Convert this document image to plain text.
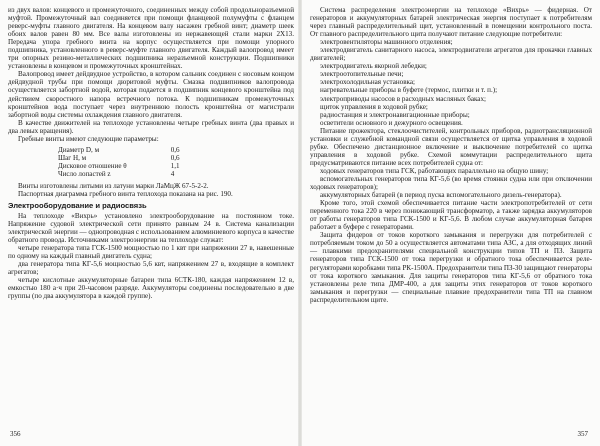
из двух валов: концевого и промежуточного, соединенных между собой продольноразъемной муфтой. Промежуточный вал соединяется при помощи фланцевой полумуфты с фланцем реверс-муфты главного двигателя. На концевом валу насажен гребной винт; диаметр шеек обоих валов равен 80 мм. Все валы изготовлены из нержавеющей стали марки 2Х13. Передача упора гребного винта на корпус осуществляется при помощи упорного подшипника, установленного в реверс-муфте главного двигателя. Каждый валопровод имеет три опорных резино-металлических подшипника неразъемной конструкции. Подшипники установлены в концевом и промежуточных кронштейнах.

Валопровод имеет дейдвудное устройство, в котором сальник соединен с носовым концом дейдвудной трубы при помощи дюритовой муфты. Смазка подшипников валопровода осуществляется забортной водой, которая подается в подшипник концевого кронштейна под действием скоростного напора встречного потока. К подшипникам промежуточных кронштейнов вода поступает через внутреннюю полость кронштейна от магистрали забортной воды системы охлаждения главного двигателя.

В качестве движителей на теплоходе установлены четыре гребных винта (два правых и два левых вращения).

Гребные винты имеют следующие параметры:

Диаметр D, м	0,6
Шаг H, м	0,6
Дисковое отношение θ	1,1
Число лопастей z	4

Винты изготовлены литыми из латуни марки ЛаМцЖ 67-5-2-2.

Паспортная диаграмма гребного винта теплохода показана на рис. 190.

Электрооборудование и радиосвязь

На теплоходе «Вихрь» установлено электрооборудование на постоянном токе. Напряжение судовой электрической сети принято равным 24 в. Система канализации электрической энергии — однопроводная с использованием алюминиевого корпуса в качестве обратного провода. Источниками электроэнергии на теплоходе служат:

четыре генератора типа ГСК-1500 мощностью по 1 квт при напряжении 27 в, навешенные по одному на каждый главный двигатель судна;

два генератора типа КГ-5,6 мощностью 5,6 квт, напряжением 27 в, входящие в комплект агрегатов;

четыре кислотные аккумуляторные батареи типа 6СТК-180, каждая напряжением 12 в, емкостью 180 а·ч при 20-часовом разряде. Аккумуляторы соединены последовательно в две группы (по два аккумулятора в каждой группе).

356

Система распределения электроэнергии на теплоходе «Вихрь» — фидерная. От генераторов и аккумуляторных батарей электрическая энергия поступает к потребителям через главный распределительный щит, установленный в помещении контрольного поста. От главного распределительного щита получают питание следующие потребители:

электровентиляторы машинного отделения;

электродвигатель санитарного насоса, электродвигатели агрегатов для прокачки главных двигателей;

электродвигатель якорной лебедки;

электроотопительные печи;

электрохолодильная установка;

нагревательные приборы в буфете (термос, плитки и т. п.);

электроприводы насосов в расходных масляных баках;

щиток управления в ходовой рубке;

радиостанция и электронавигационные приборы;

осветители основного и дежурного освещения.

Питание прожектора, стеклоочистителей, контрольных приборов, радиотрансляционной установки и служебной командной связи осуществляется от щитка управления в ходовой рубке. Обеспечено дистанционное включение и выключение потребителей со щитка управления в ходовой рубке. Схемой коммутации распределительного щита предусматриваются питание всех потребителей судна от:

ходовых генераторов типа ГСК, работающих параллельно на общую шину;

вспомогательных генераторов типа КГ-5,6 (во время стоянки судна или при отключении ходовых генераторов);

аккумуляторных батарей (в период пуска вспомогательного дизель-генератора).

Кроме того, этой схемой обеспечивается питание части электропотребителей от сети переменного тока 220 в через понижающий трансформатор, а также зарядка аккумуляторов от работы генераторов типа ГСК-1500 и КГ-5,6. В любом случае аккумуляторная батарея работает в буфере с генераторами.

Защита фидеров от токов короткого замыкания и перегрузки для потребителей с потребляемым током до 50 а осуществляется автоматами типа АЗС, а для отходящих линий — плавкими предохранителями специальной конструкции типов ТП и ПЗ. Защита генераторов типа ГСК-1500 от тока перегрузки и обратного тока обеспечивается реле-регуляторами коробками типа РК-1500А. Предохранители типа ПЗ-30 защищают генераторы от тока короткого замыкания. Для защиты генераторов типа КГ-5,6 от обратного тока установлены реле типа ДМР-400, а для защиты этих генераторов от токов короткого замыкания и перегрузки — специальные плавкие предохранители типа ТП на главном распределительном щите.

357
